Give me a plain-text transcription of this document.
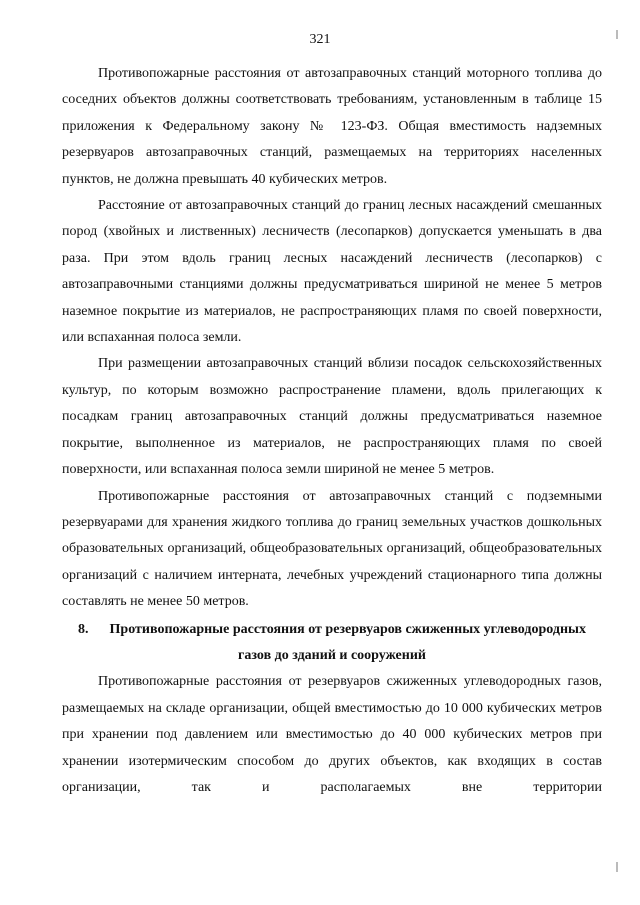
321

Противопожарные расстояния от автозаправочных станций моторного топлива до соседних объектов должны соответствовать требованиям, установленным в таблице 15 приложения к Федеральному закону № 123-ФЗ. Общая вместимость надземных резервуаров автозаправочных станций, размещаемых на территориях населенных пунктов, не должна превышать 40 кубических метров.

Расстояние от автозаправочных станций до границ лесных насаждений смешанных пород (хвойных и лиственных) лесничеств (лесопарков) допускается уменьшать в два раза. При этом вдоль границ лесных насаждений лесничеств (лесопарков) с автозаправочными станциями должны предусматриваться шириной не менее 5 метров наземное покрытие из материалов, не распространяющих пламя по своей поверхности, или вспаханная полоса земли.

При размещении автозаправочных станций вблизи посадок сельскохозяйственных культур, по которым возможно распространение пламени, вдоль прилегающих к посадкам границ автозаправочных станций должны предусматриваться наземное покрытие, выполненное из материалов, не распространяющих пламя по своей поверхности, или вспаханная полоса земли шириной не менее 5 метров.

Противопожарные расстояния от автозаправочных станций с подземными резервуарами для хранения жидкого топлива до границ земельных участков дошкольных образовательных организаций, общеобразовательных организаций, общеобразовательных организаций с наличием интерната, лечебных учреждений стационарного типа должны составлять не менее 50 метров.

8. Противопожарные расстояния от резервуаров сжиженных углеводородных газов до зданий и сооружений

Противопожарные расстояния от резервуаров сжиженных углеводородных газов, размещаемых на складе организации, общей вместимостью до 10 000 кубических метров при хранении под давлением или вместимостью до 40 000 кубических метров при хранении изотермическим способом до других объектов, как входящих в состав организации, так и располагаемых вне территории
